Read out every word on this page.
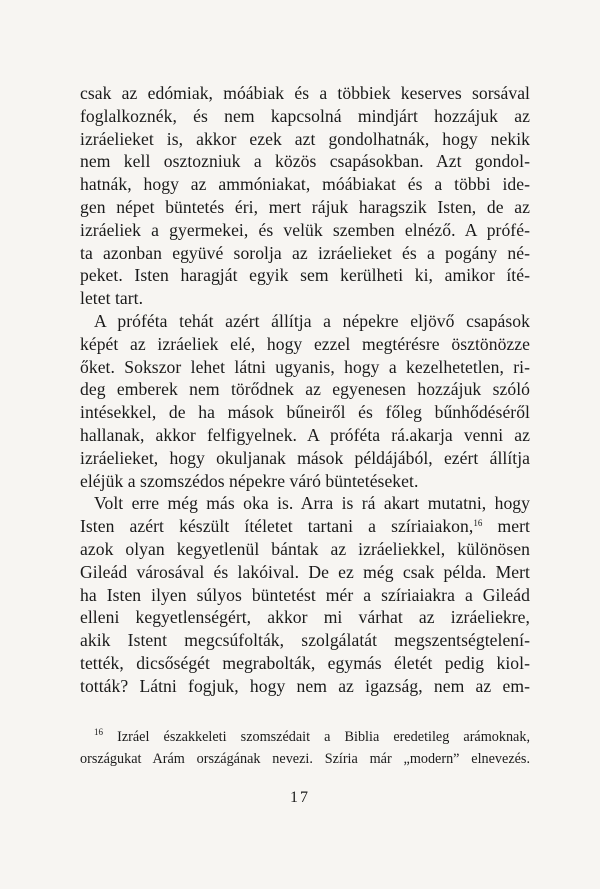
csak az edómiak, móábiak és a többiek keserves sorsával
foglalkoznék, és nem kapcsolná mindjárt hozzájuk az
izráelieket is, akkor ezek azt gondolhatnák, hogy nekik
nem kell osztozniuk a közös csapásokban. Azt gondol-
hatnák, hogy az ammóniakat, móábiakat és a többi ide-
gen népet büntetés éri, mert rájuk haragszik Isten, de az
izráeliek a gyermekei, és velük szemben elnéző. A prófé-
ta azonban együvé sorolja az izráelieket és a pogány né-
peket. Isten haragját egyik sem kerülheti ki, amikor íté-
letet tart.
A próféta tehát azért állítja a népekre eljövő csapások
képét az izráeliek elé, hogy ezzel megtérésre ösztönözze
őket. Sokszor lehet látni ugyanis, hogy a kezelhetetlen, ri-
deg emberek nem törődnek az egyenesen hozzájuk szóló
intésekkel, de ha mások bűneiről és főleg bűnhődéséről
hallanak, akkor felfigyelnek. A próféta rá.akarja venni az
izráelieket, hogy okuljanak mások példájából, ezért állítja
eléjük a szomszédos népekre váró büntetéseket.
Volt erre még más oka is. Arra is rá akart mutatni, hogy
Isten azért készült ítéletet tartani a szíriaiakon,$^{16}$ mert
azok olyan kegyetlenül bántak az izráeliekkel, különösen
Gileád városával és lakóival. De ez még csak példa. Mert
ha Isten ilyen súlyos büntetést mér a szíriaiakra a Gileád
elleni kegyetlenségért, akkor mi várhat az izráeliekre,
akik Istent megcsúfolták, szolgálatát megszentségtelení-
tették, dicsőségét megrabolták, egymás életét pedig kiol-
tották? Látni fogjuk, hogy nem az igazság, nem az em-
$^{16}$ Izráel északkeleti szomszédait a Biblia eredetileg arámoknak,
országukat Arám országának nevezi. Szíria már „modern” elnevezés.
17
